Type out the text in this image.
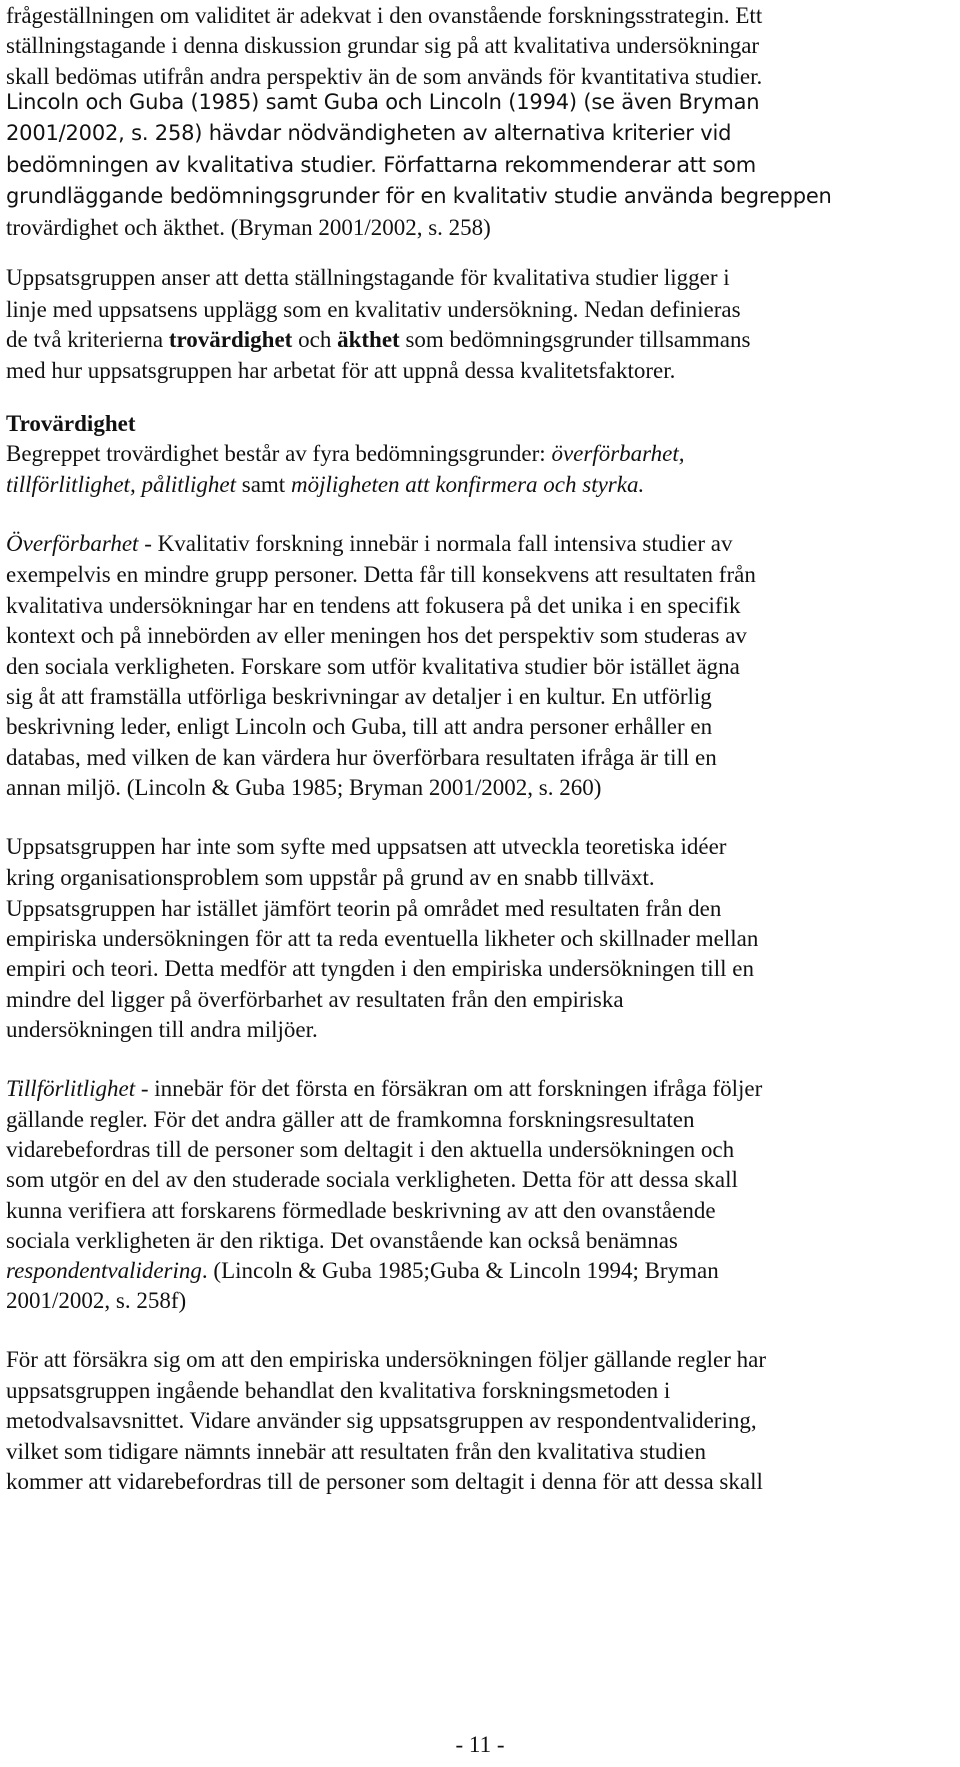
frågeställningen om validitet är adekvat i den ovanstående forskningsstrategin. Ett
ställningstagande i denna diskussion grundar sig på att kvalitativa undersökningar
skall bedömas utifrån andra perspektiv än de som används för kvantitativa studier.
Lincoln och Guba (1985) samt Guba och Lincoln (1994) (se även Bryman
2001/2002, s. 258) hävdar nödvändigheten av alternativa kriterier vid
bedömningen av kvalitativa studier. Författarna rekommenderar att som
grundläggande bedömningsgrunder för en kvalitativ studie använda begreppen
trovärdighet och äkthet. (Bryman 2001/2002, s. 258)
Uppsatsgruppen anser att detta ställningstagande för kvalitativa studier ligger i
linje med uppsatsens upplägg som en kvalitativ undersökning. Nedan definieras
de två kriterierna trovärdighet och äkthet som bedömningsgrunder tillsammans
med hur uppsatsgruppen har arbetat för att uppnå dessa kvalitetsfaktorer.
Trovärdighet
Begreppet trovärdighet består av fyra bedömningsgrunder: överförbarhet,
tillförlitlighet, pålitlighet samt möjligheten att konfirmera och styrka.
Överförbarhet - Kvalitativ forskning innebär i normala fall intensiva studier av
exempelvis en mindre grupp personer. Detta får till konsekvens att resultaten från
kvalitativa undersökningar har en tendens att fokusera på det unika i en specifik
kontext och på innebörden av eller meningen hos det perspektiv som studeras av
den sociala verkligheten. Forskare som utför kvalitativa studier bör istället ägna
sig åt att framställa utförliga beskrivningar av detaljer i en kultur. En utförlig
beskrivning leder, enligt Lincoln och Guba, till att andra personer erhåller en
databas, med vilken de kan värdera hur överförbara resultaten ifråga är till en
annan miljö. (Lincoln & Guba 1985; Bryman 2001/2002, s. 260)
Uppsatsgruppen har inte som syfte med uppsatsen att utveckla teoretiska idéer
kring organisationsproblem som uppstår på grund av en snabb tillväxt.
Uppsatsgruppen har istället jämfört teorin på området med resultaten från den
empiriska undersökningen för att ta reda eventuella likheter och skillnader mellan
empiri och teori. Detta medför att tyngden i den empiriska undersökningen till en
mindre del ligger på överförbarhet av resultaten från den empiriska
undersökningen till andra miljöer.
Tillförlitlighet - innebär för det första en försäkran om att forskningen ifråga följer
gällande regler. För det andra gäller att de framkomna forskningsresultaten
vidarebefordras till de personer som deltagit i den aktuella undersökningen och
som utgör en del av den studerade sociala verkligheten. Detta för att dessa skall
kunna verifiera att forskarens förmedlade beskrivning av att den ovanstående
sociala verkligheten är den riktiga. Det ovanstående kan också benämnas
respondentvalidering. (Lincoln & Guba 1985;Guba & Lincoln 1994; Bryman
2001/2002, s. 258f)
För att försäkra sig om att den empiriska undersökningen följer gällande regler har
uppsatsgruppen ingående behandlat den kvalitativa forskningsmetoden i
metodvalsavsnittet. Vidare använder sig uppsatsgruppen av respondentvalidering,
vilket som tidigare nämnts innebär att resultaten från den kvalitativa studien
kommer att vidarebefordras till de personer som deltagit i denna för att dessa skall
- 11 -
